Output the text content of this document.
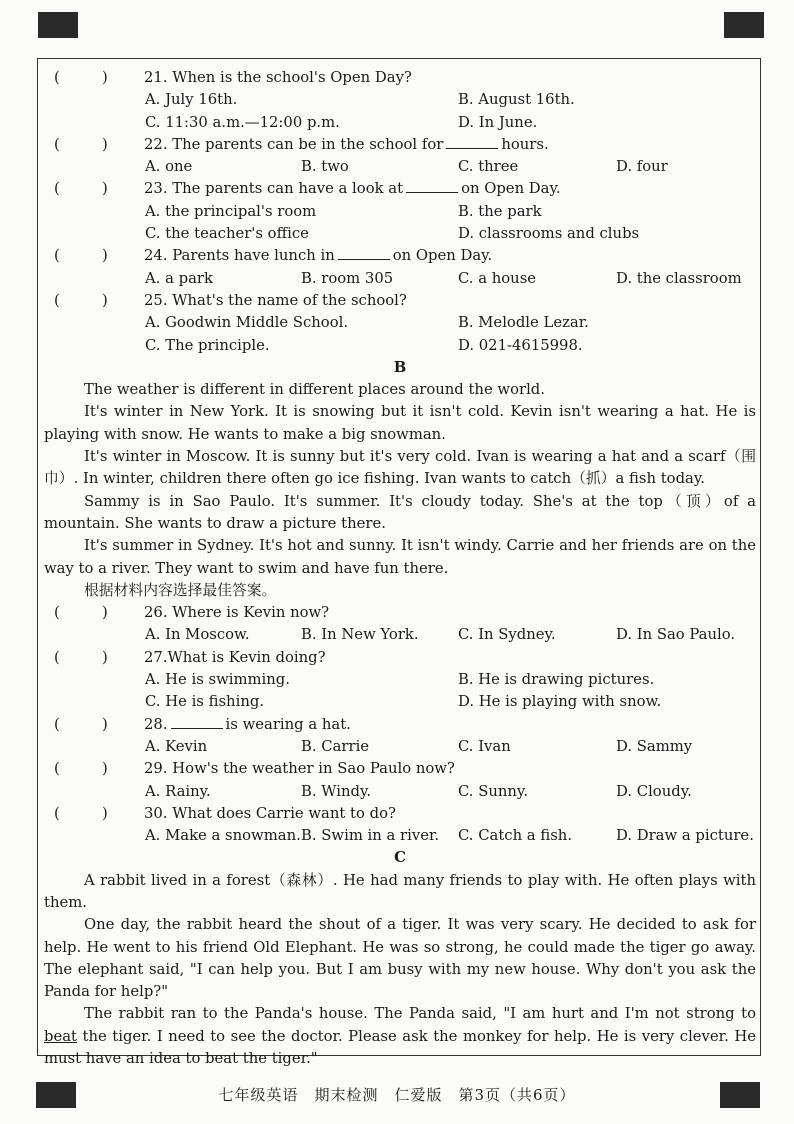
(	) 21. When is the school's Open Day?
A. July 16th.	B. August 16th.
C. 11:30 a.m.—12:00 p.m.	D. In June.
(	) 22. The parents can be in the school for	hours.
A. one	B. two	C. three	D. four
(	) 23. The parents can have a look at	on Open Day.
A. the principal's room	B. the park
C. the teacher's office	D. classrooms and clubs
(	) 24. Parents have lunch in	on Open Day.
A. a park	B. room 305	C. a house	D. the classroom
(	) 25. What's the name of the school?
A. Goodwin Middle School.	B. Melodle Lezar.
C. The principle.	D. 021-4615998.
B

The weather is different in different places around the world.

It's winter in New York. It is snowing but it isn't cold. Kevin isn't wearing a hat. He is playing with snow. He wants to make a big snowman.

It's winter in Moscow. It is sunny but it's very cold. Ivan is wearing a hat and a scarf（围巾）. In winter, children there often go ice fishing. Ivan wants to catch（抓）a fish today.

Sammy is in Sao Paulo. It's summer. It's cloudy today. She's at the top（顶）of a mountain. She wants to draw a picture there.

It's summer in Sydney. It's hot and sunny. It isn't windy. Carrie and her friends are on the way to a river. They want to swim and have fun there.

根据材料内容选择最佳答案。

(	) 26. Where is Kevin now?
A. In Moscow.	B. In New York.	C. In Sydney.	D. In Sao Paulo.
(	) 27.What is Kevin doing?
A. He is swimming.	B. He is drawing pictures.
C. He is fishing.	D. He is playing with snow.
(	) 28.	is wearing a hat.
A. Kevin	B. Carrie	C. Ivan	D. Sammy
(	) 29. How's the weather in Sao Paulo now?
A. Rainy.	B. Windy.	C. Sunny.	D. Cloudy.
(	) 30. What does Carrie want to do?
A. Make a snowman. B. Swim in a river. C. Catch a fish.	D. Draw a picture.
C

A rabbit lived in a forest（森林）. He had many friends to play with. He often plays with them.

One day, the rabbit heard the shout of a tiger. It was very scary. He decided to ask for help. He went to his friend Old Elephant. He was so strong, he could made the tiger go away. The elephant said, "I can help you. But I am busy with my new house. Why don't you ask the Panda for help?"

The rabbit ran to the Panda's house. The Panda said, "I am hurt and I'm not strong to beat the tiger. I need to see the doctor. Please ask the monkey for help. He is very clever. He must have an idea to beat the tiger."

七年级英语　期末检测　仁爱版　第3页（共6页）
